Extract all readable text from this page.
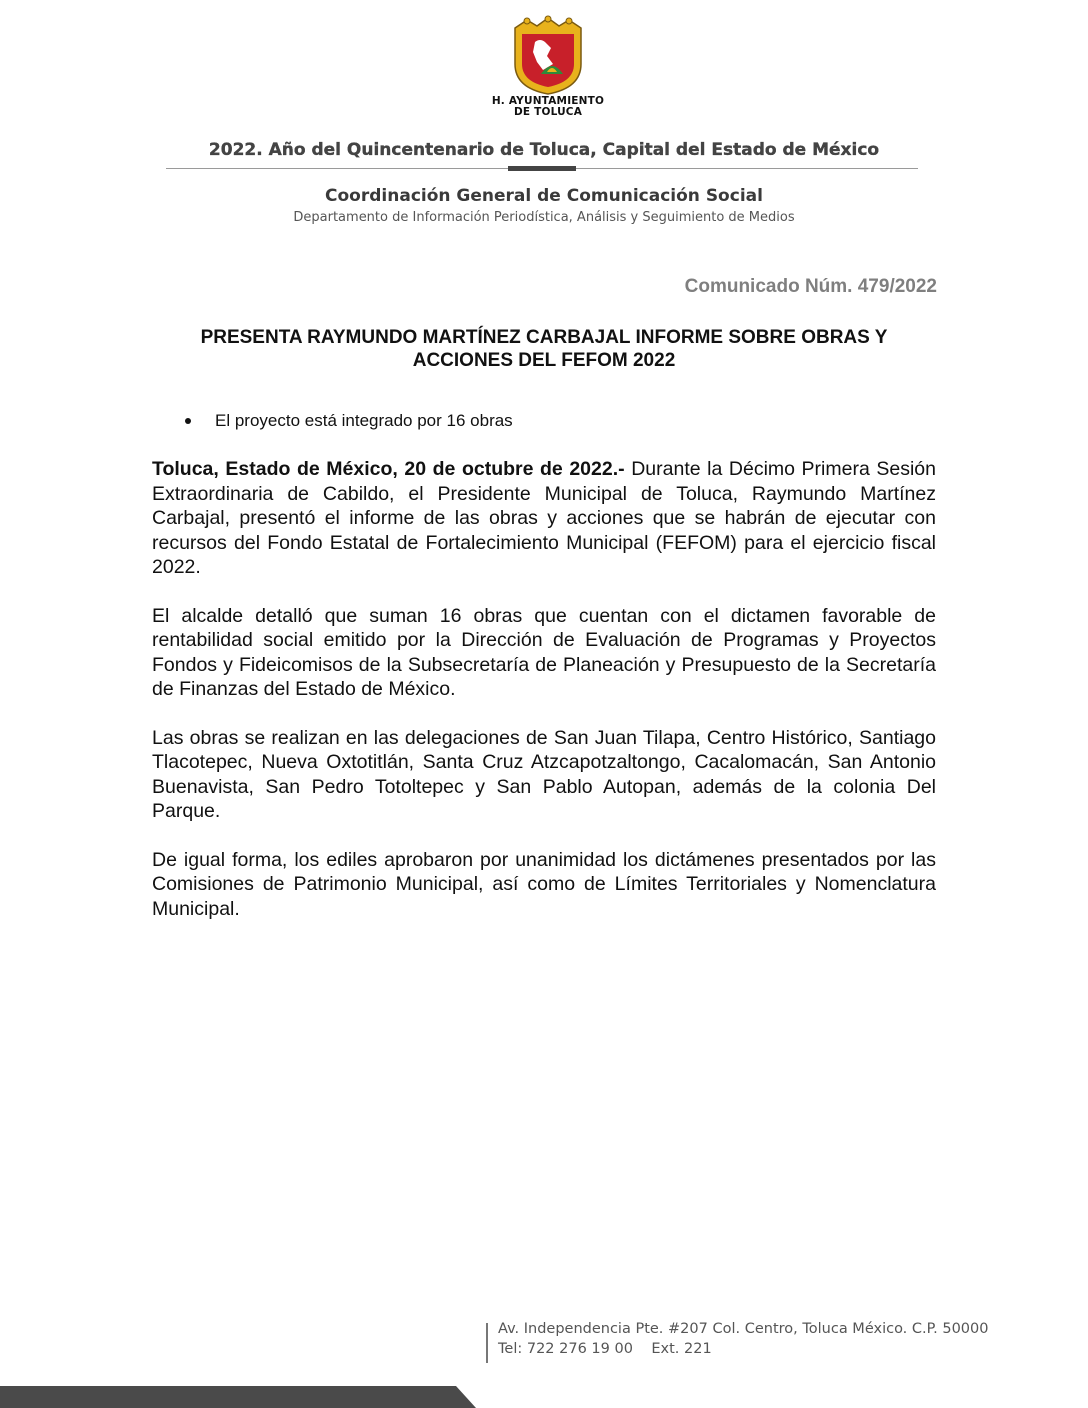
H. AYUNTAMIENTO
DE TOLUCA
2022. Año del Quincentenario de Toluca, Capital del Estado de México
Coordinación General de Comunicación Social
Departamento de Información Periodística, Análisis y Seguimiento de Medios
Comunicado Núm. 479/2022
PRESENTA RAYMUNDO MARTÍNEZ CARBAJAL INFORME SOBRE OBRAS Y
ACCIONES DEL FEFOM 2022
El proyecto está integrado por 16 obras

Toluca, Estado de México, 20 de octubre de 2022.- Durante la Décimo Primera Sesión Extraordinaria de Cabildo, el Presidente Municipal de Toluca, Raymundo Martínez Carbajal, presentó el informe de las obras y acciones que se habrán de ejecutar con recursos del Fondo Estatal de Fortalecimiento Municipal (FEFOM) para el ejercicio fiscal 2022.

El alcalde detalló que suman 16 obras que cuentan con el dictamen favorable de rentabilidad social emitido por la Dirección de Evaluación de Programas y Proyectos Fondos y Fideicomisos de la Subsecretaría de Planeación y Presupuesto de la Secretaría de Finanzas del Estado de México.

Las obras se realizan en las delegaciones de San Juan Tilapa, Centro Histórico, Santiago Tlacotepec, Nueva Oxtotitlán, Santa Cruz Atzcapotzaltongo, Cacalomacán, San Antonio Buenavista, San Pedro Totoltepec y San Pablo Autopan, además de la colonia Del Parque.

De igual forma, los ediles aprobaron por unanimidad los dictámenes presentados por las Comisiones de Patrimonio Municipal, así como de Límites Territoriales y Nomenclatura Municipal.

Av. Independencia Pte. #207 Col. Centro, Toluca México. C.P. 50000
Tel: 722 276 19 00    Ext. 221
